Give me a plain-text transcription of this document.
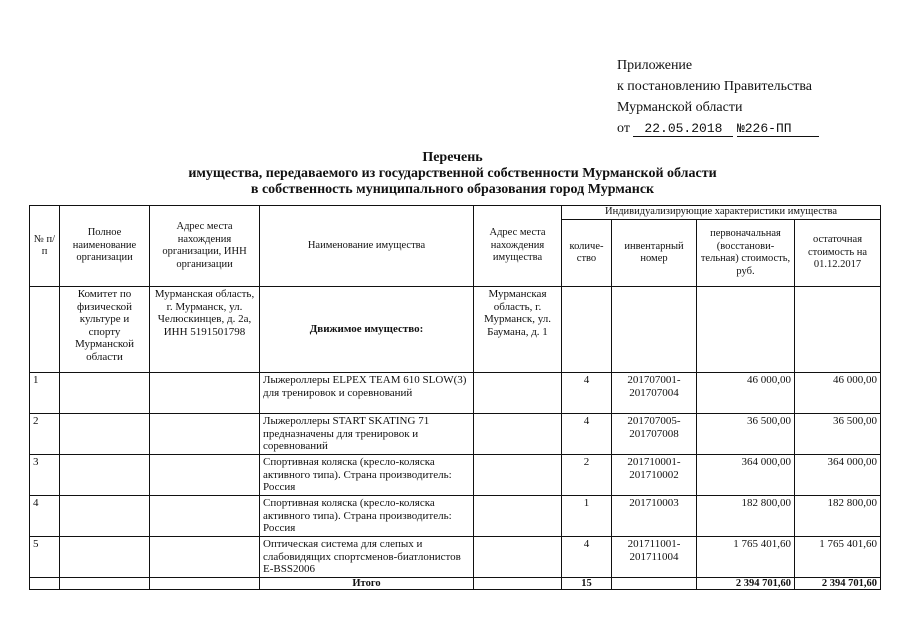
Приложение
к постановлению Правительства
Мурманской области
от 22.05.2018 №226-ПП
Перечень
имущества, передаваемого из государственной собственности Мурманской области
в собственность муниципального образования город Мурманск
№ п/п	Полное наименование организации	Адрес места нахождения организации, ИНН организации	Наименование имущества	Адрес места нахождения имущества	Индивидуализирующие характеристики имущества			
					количе-ство	инвентарный номер	первоначальная (восстанови-тельная) стоимость, руб.	остаточная стоимость на 01.12.2017
	Комитет по физической культуре и спорту Мурманской области	Мурманская область, г. Мурманск, ул. Челюскинцев, д. 2а, ИНН 5191501798	Движимое имущество:	Мурманская область, г. Мурманск, ул. Баумана, д. 1				
1			Лыжероллеры ELPEX TEAM 610 SLOW(3) для тренировок и соревнований		4	201707001-201707004	46 000,00	46 000,00
2			Лыжероллеры START SKATING 71 предназначены для тренировок и соревнований		4	201707005-201707008	36 500,00	36 500,00
3			Спортивная коляска (кресло-коляска активного типа). Страна производитель: Россия		2	201710001-201710002	364 000,00	364 000,00
4			Спортивная коляска (кресло-коляска активного типа). Страна производитель: Россия		1	201710003	182 800,00	182 800,00
5			Оптическая система для слепых и слабовидящих спортсменов-биатлонистов E-BSS2006		4	201711001-201711004	1 765 401,60	1 765 401,60
			Итого		15		2 394 701,60	2 394 701,60
